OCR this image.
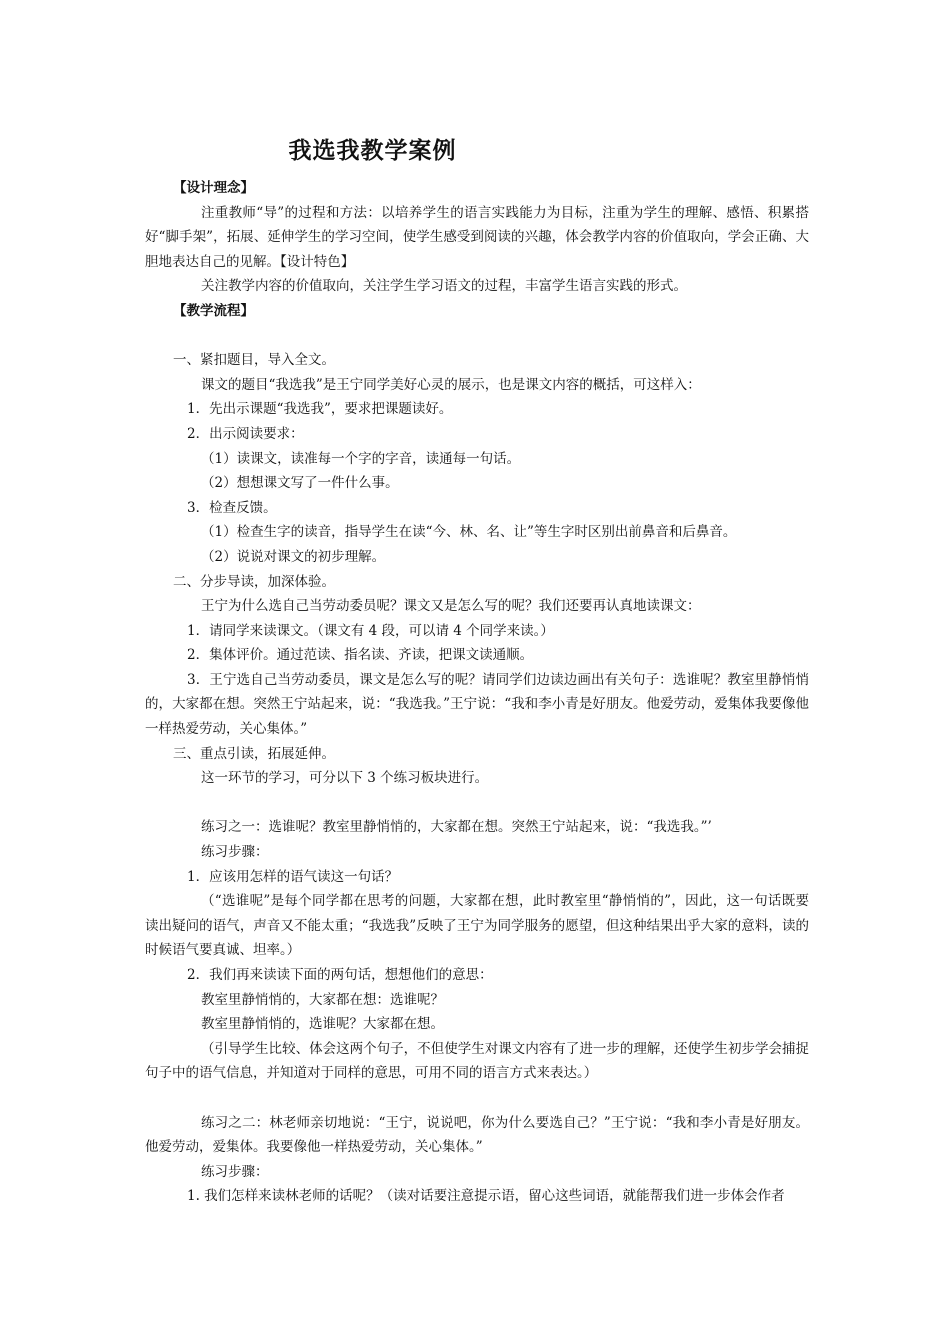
我选我教学案例

【设计理念】

注重教师“导”的过程和方法：以培养学生的语言实践能力为目标，注重为学生的理解、感悟、积累搭好“脚手架”，拓展、延伸学生的学习空间，使学生感受到阅读的兴趣，体会教学内容的价值取向，学会正确、大胆地表达自己的见解。【设计特色】

关注教学内容的价值取向，关注学生学习语文的过程，丰富学生语言实践的形式。

【教学流程】

一、紧扣题目，导入全文。

课文的题目“我选我”是王宁同学美好心灵的展示，也是课文内容的概括，可这样入：

1．先出示课题“我选我”，要求把课题读好。

2．出示阅读要求：

（1）读课文，读准每一个字的字音，读通每一句话。

（2）想想课文写了一件什么事。

3．检查反馈。

（1）检查生字的读音，指导学生在读“今、林、名、让”等生字时区别出前鼻音和后鼻音。

（2）说说对课文的初步理解。

二、分步导读，加深体验。

王宁为什么选自己当劳动委员呢？课文又是怎么写的呢？我们还要再认真地读课文：

1．请同学来读课文。（课文有 4 段，可以请 4 个同学来读。）

2．集体评价。通过范读、指名读、齐读，把课文读通顺。

3．王宁选自己当劳动委员，课文是怎么写的呢？请同学们边读边画出有关句子：选谁呢？教室里静悄悄的，大家都在想。突然王宁站起来，说：“我选我。”王宁说：“我和李小青是好朋友。他爱劳动，爱集体我要像他一样热爱劳动，关心集体。”

三、重点引读，拓展延伸。

这一环节的学习，可分以下 3 个练习板块进行。

练习之一：选谁呢？教室里静悄悄的，大家都在想。突然王宁站起来，说：“我选我。”’

练习步骤：

1．应该用怎样的语气读这一句话？

（“选谁呢”是每个同学都在思考的问题，大家都在想，此时教室里“静悄悄的”，因此，这一句话既要读出疑问的语气，声音又不能太重；“我选我”反映了王宁为同学服务的愿望，但这种结果出乎大家的意料，读的时候语气要真诚、坦率。）

2．我们再来读读下面的两句话，想想他们的意思：

教室里静悄悄的，大家都在想：选谁呢？

教室里静悄悄的，选谁呢？大家都在想。

（引导学生比较、体会这两个句子，不但使学生对课文内容有了进一步的理解，还使学生初步学会捕捉句子中的语气信息，并知道对于同样的意思，可用不同的语言方式来表达。）

练习之二：林老师亲切地说：“王宁，说说吧，你为什么要选自己？”王宁说：“我和李小青是好朋友。他爱劳动，爱集体。我要像他一样热爱劳动，关心集体。”

练习步骤：

1. 我们怎样来读林老师的话呢？（读对话要注意提示语，留心这些词语，就能帮我们进一步体会作者
